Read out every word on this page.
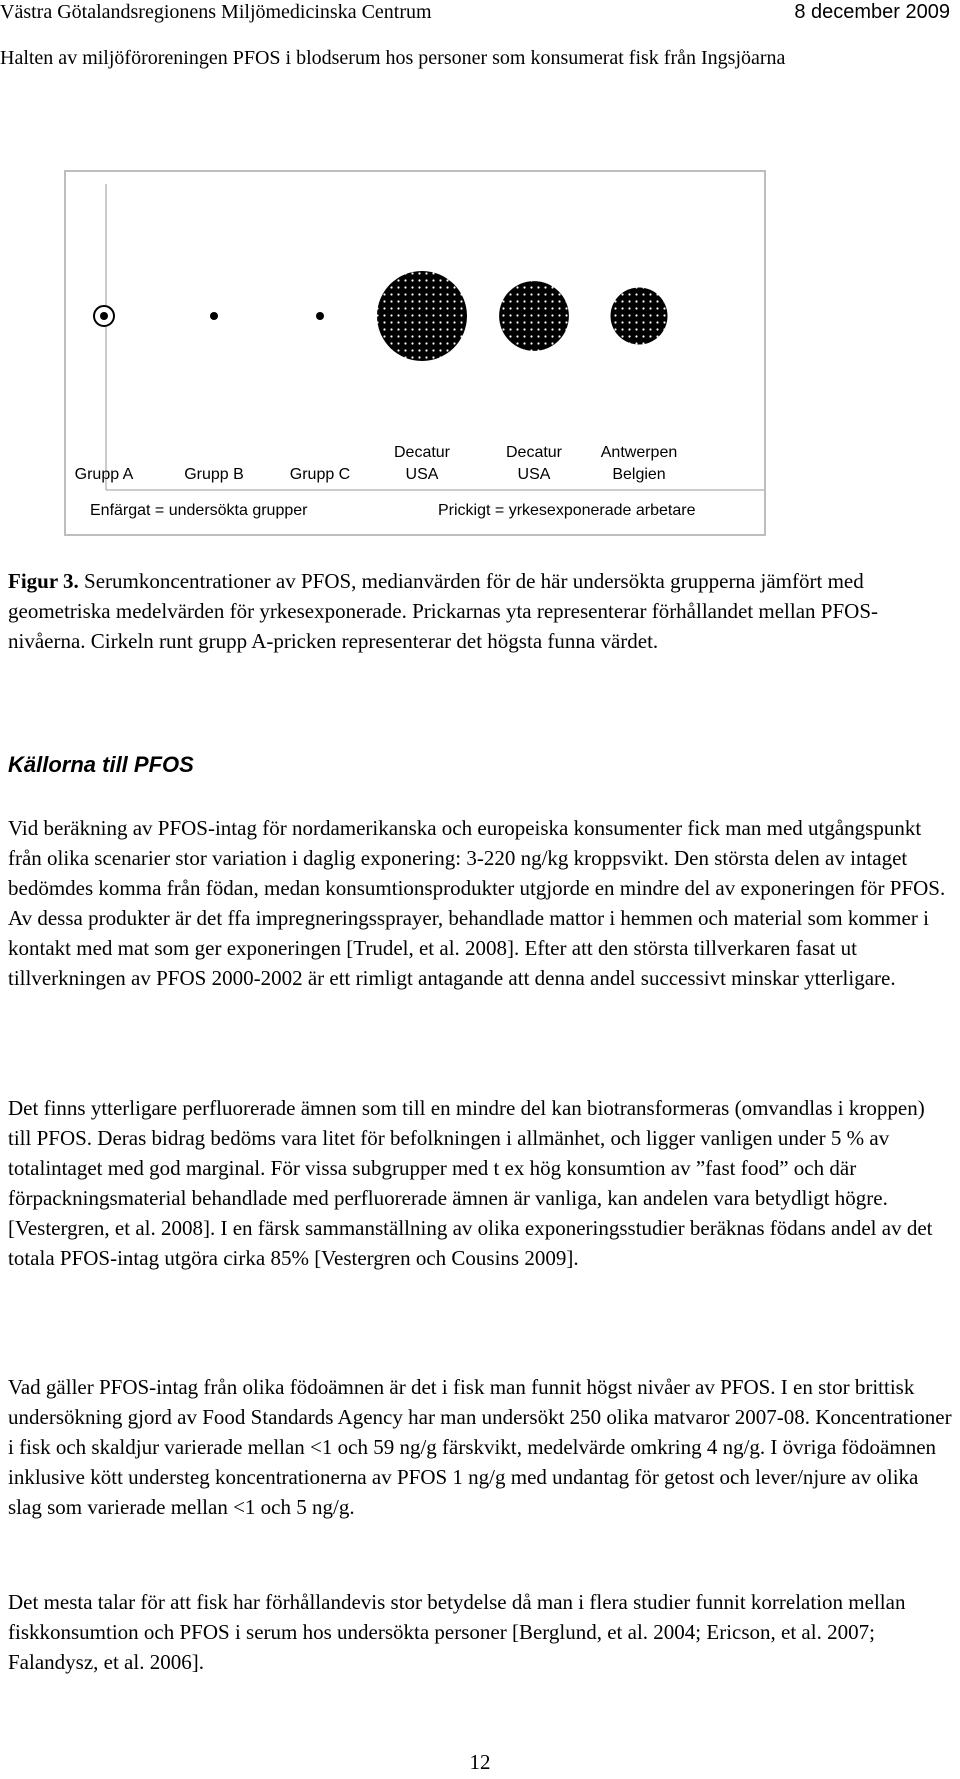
Västra Götalandsregionens Miljömedicinska Centrum	8 december 2009
Halten av miljöföroreningen PFOS i blodserum hos personer som konsumerat fisk från Ingsjöarna
Grupp A	Grupp B	Grupp C
Decatur
USA
Decatur
USA
Antwerpen
Belgien
Enfärgat = undersökta grupper	Prickigt = yrkesexponerade arbetare
Figur 3. Serumkoncentrationer av PFOS, medianvärden för de här undersökta grupperna jämfört med geometriska medelvärden för yrkesexponerade. Prickarnas yta representerar förhållandet mellan PFOS-nivåerna. Cirkeln runt grupp A-pricken representerar det högsta funna värdet.
Källorna till PFOS

Vid beräkning av PFOS-intag för nordamerikanska och europeiska konsumenter fick man med utgångspunkt från olika scenarier stor variation i daglig exponering: 3-220 ng/kg kroppsvikt. Den största delen av intaget bedömdes komma från födan, medan konsumtionsprodukter utgjorde en mindre del av exponeringen för PFOS. Av dessa produkter är det ffa impregneringssprayer, behandlade mattor i hemmen och material som kommer i kontakt med mat som ger exponeringen [Trudel, et al. 2008]. Efter att den största tillverkaren fasat ut tillverkningen av PFOS 2000-2002 är ett rimligt antagande att denna andel successivt minskar ytterligare.

Det finns ytterligare perfluorerade ämnen som till en mindre del kan biotransformeras (omvandlas i kroppen) till PFOS. Deras bidrag bedöms vara litet för befolkningen i allmänhet, och ligger vanligen under 5 % av totalintaget med god marginal. För vissa subgrupper med t ex hög konsumtion av ”fast food” och där förpackningsmaterial behandlade med perfluorerade ämnen är vanliga, kan andelen vara betydligt högre. [Vestergren, et al. 2008]. I en färsk sammanställning av olika exponeringsstudier beräknas födans andel av det totala PFOS-intag utgöra cirka 85% [Vestergren och Cousins 2009].

Vad gäller PFOS-intag från olika födoämnen är det i fisk man funnit högst nivåer av PFOS. I en stor brittisk undersökning gjord av Food Standards Agency har man undersökt 250 olika matvaror 2007-08. Koncentrationer i fisk och skaldjur varierade mellan <1 och 59 ng/g färskvikt, medelvärde omkring 4 ng/g. I övriga födoämnen inklusive kött understeg koncentrationerna av PFOS 1 ng/g med undantag för getost och lever/njure av olika slag som varierade mellan <1 och 5 ng/g.

Det mesta talar för att fisk har förhållandevis stor betydelse då man i flera studier funnit korrelation mellan fiskkonsumtion och PFOS i serum hos undersökta personer [Berglund, et al. 2004; Ericson, et al. 2007; Falandysz, et al. 2006].

12
